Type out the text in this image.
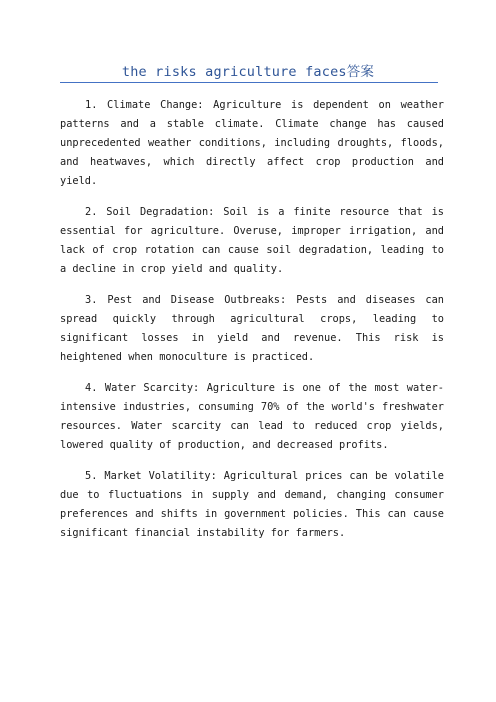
the risks agriculture faces答案

1. Climate Change: Agriculture is dependent on weather patterns and a stable climate. Climate change has caused unprecedented weather conditions, including droughts, floods, and heatwaves, which directly affect crop production and yield.

2. Soil Degradation: Soil is a finite resource that is essential for agriculture. Overuse, improper irrigation, and lack of crop rotation can cause soil degradation, leading to a decline in crop yield and quality.

3. Pest and Disease Outbreaks: Pests and diseases can spread quickly through agricultural crops, leading to significant losses in yield and revenue. This risk is heightened when monoculture is practiced.

4. Water Scarcity: Agriculture is one of the most water-intensive industries, consuming 70% of the world's freshwater resources. Water scarcity can lead to reduced crop yields, lowered quality of production, and decreased profits.

5. Market Volatility: Agricultural prices can be volatile due to fluctuations in supply and demand, changing consumer preferences and shifts in government policies. This can cause significant financial instability for farmers.
